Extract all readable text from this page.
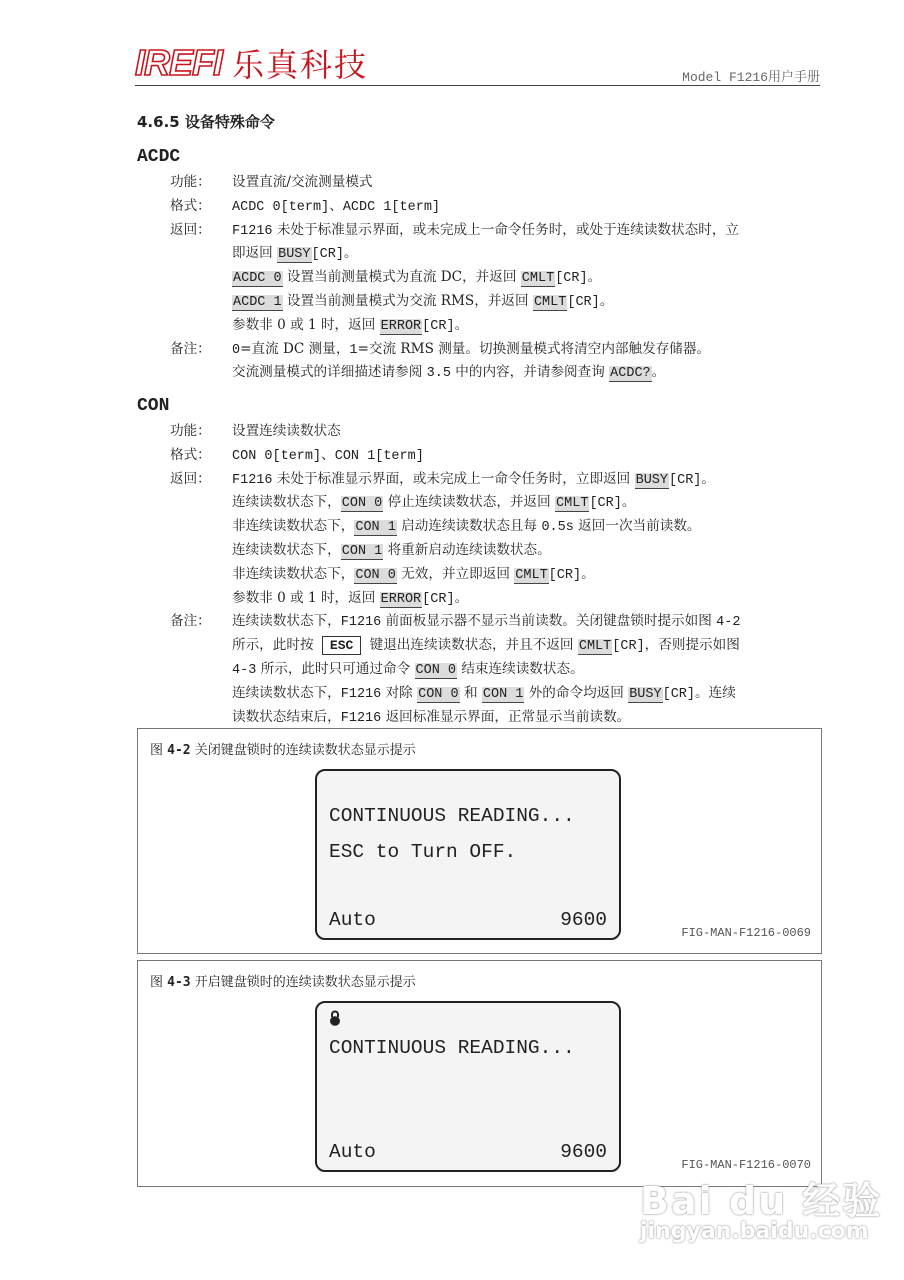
IREFI 乐真科技	Model F1216用户手册
4.6.5 设备特殊命令
ACDC
功能： 设置直流/交流测量模式
格式： ACDC 0[term]、ACDC 1[term]
返回： F1216 未处于标准显示界面，或未完成上一命令任务时，或处于连续读数状态时，立
即返回 BUSY[CR]。
ACDC 0 设置当前测量模式为直流 DC，并返回 CMLT[CR]。
ACDC 1 设置当前测量模式为交流 RMS，并返回 CMLT[CR]。
参数非 0 或 1 时，返回 ERROR[CR]。
备注： 0=直流 DC 测量，1=交流 RMS 测量。切换测量模式将清空内部触发存储器。
交流测量模式的详细描述请参阅 3.5 中的内容，并请参阅查询 ACDC?。
CON
功能： 设置连续读数状态
格式： CON 0[term]、CON 1[term]
返回： F1216 未处于标准显示界面，或未完成上一命令任务时，立即返回 BUSY[CR]。
连续读数状态下，CON 0 停止连续读数状态，并返回 CMLT[CR]。
非连续读数状态下，CON 1 启动连续读数状态且每 0.5s 返回一次当前读数。
连续读数状态下，CON 1 将重新启动连续读数状态。
非连续读数状态下，CON 0 无效，并立即返回 CMLT[CR]。
参数非 0 或 1 时，返回 ERROR[CR]。
备注： 连续读数状态下，F1216 前面板显示器不显示当前读数。关闭键盘锁时提示如图 4-2
所示，此时按 ESC 键退出连续读数状态，并且不返回 CMLT[CR]，否则提示如图
4-3 所示，此时只可通过命令 CON 0 结束连续读数状态。
连续读数状态下，F1216 对除 CON 0 和 CON 1 外的命令均返回 BUSY[CR]。连续
读数状态结束后，F1216 返回标准显示界面，正常显示当前读数。
图 4-2 关闭键盘锁时的连续读数状态显示提示
CONTINUOUS READING...
ESC to Turn OFF.
Auto	9600
FIG-MAN-F1216-0069
图 4-3 开启键盘锁时的连续读数状态显示提示
CONTINUOUS READING...
Auto	9600
FIG-MAN-F1216-0070
Bai du 经验
jingyan.baidu.com
